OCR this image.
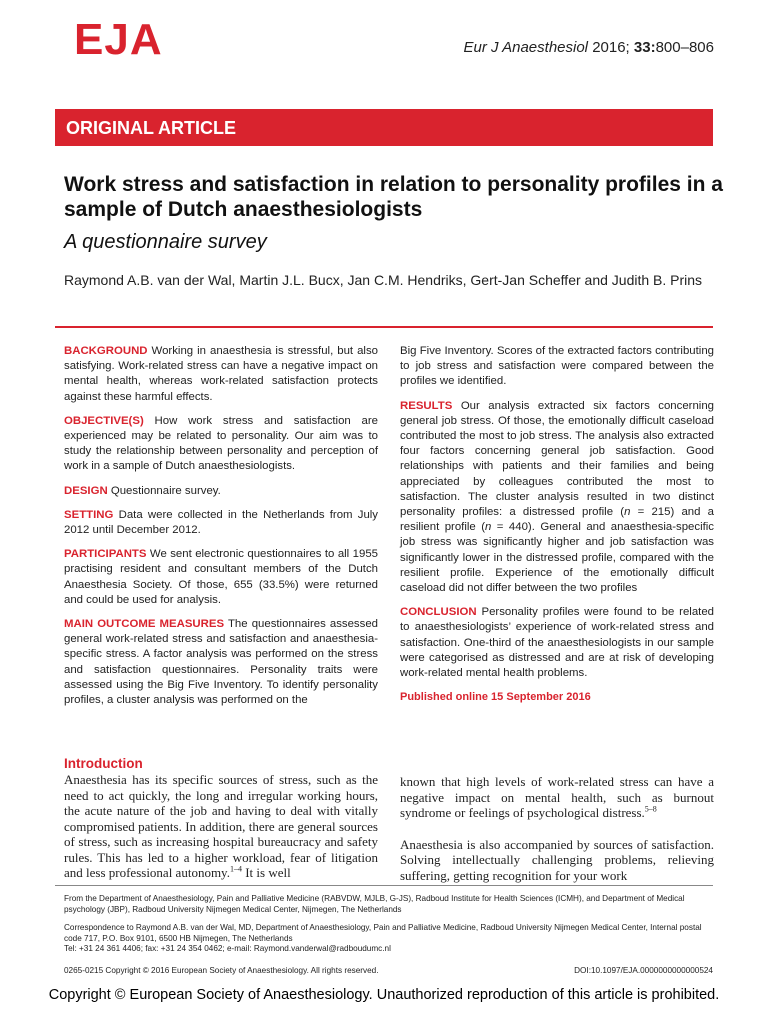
EJA	Eur J Anaesthesiol 2016; 33:800–806
ORIGINAL ARTICLE
Work stress and satisfaction in relation to personality profiles in a sample of Dutch anaesthesiologists
A questionnaire survey
Raymond A.B. van der Wal, Martin J.L. Bucx, Jan C.M. Hendriks, Gert-Jan Scheffer and Judith B. Prins

BACKGROUND Working in anaesthesia is stressful, but also satisfying. Work-related stress can have a negative impact on mental health, whereas work-related satisfaction protects against these harmful effects.

OBJECTIVE(S) How work stress and satisfaction are experienced may be related to personality. Our aim was to study the relationship between personality and perception of work in a sample of Dutch anaesthesiologists.

DESIGN Questionnaire survey.

SETTING Data were collected in the Netherlands from July 2012 until December 2012.

PARTICIPANTS We sent electronic questionnaires to all 1955 practising resident and consultant members of the Dutch Anaesthesia Society. Of those, 655 (33.5%) were returned and could be used for analysis.

MAIN OUTCOME MEASURES The questionnaires assessed general work-related stress and satisfaction and anaesthesia-specific stress. A factor analysis was performed on the stress and satisfaction questionnaires. Personality traits were assessed using the Big Five Inventory. To identify personality profiles, a cluster analysis was performed on the

Big Five Inventory. Scores of the extracted factors contributing to job stress and satisfaction were compared between the profiles we identified.

RESULTS Our analysis extracted six factors concerning general job stress. Of those, the emotionally difficult caseload contributed the most to job stress. The analysis also extracted four factors concerning general job satisfaction. Good relationships with patients and their families and being appreciated by colleagues contributed the most to satisfaction. The cluster analysis resulted in two distinct personality profiles: a distressed profile (n = 215) and a resilient profile (n = 440). General and anaesthesia-specific job stress was significantly higher and job satisfaction was significantly lower in the distressed profile, compared with the resilient profile. Experience of the emotionally difficult caseload did not differ between the two profiles

CONCLUSION Personality profiles were found to be related to anaesthesiologists’ experience of work-related stress and satisfaction. One-third of the anaesthesiologists in our sample were categorised as distressed and are at risk of developing work-related mental health problems.

Published online 15 September 2016

Introduction
Anaesthesia has its specific sources of stress, such as the need to act quickly, the long and irregular working hours, the acute nature of the job and having to deal with vitally compromised patients. In addition, there are general sources of stress, such as increasing hospital bureaucracy and safety rules. This has led to a higher workload, fear of litigation and less professional autonomy.$^{1-4}$ It is well

known that high levels of work-related stress can have a negative impact on mental health, such as burnout syndrome or feelings of psychological distress.$^{5-8}$

Anaesthesia is also accompanied by sources of satisfaction. Solving intellectually challenging problems, relieving suffering, getting recognition for your work

From the Department of Anaesthesiology, Pain and Palliative Medicine (RABVDW, MJLB, G-JS), Radboud Institute for Health Sciences (ICMH), and Department of Medical psychology (JBP), Radboud University Nijmegen Medical Center, Nijmegen, The Netherlands
Correspondence to Raymond A.B. van der Wal, MD, Department of Anaesthesiology, Pain and Palliative Medicine, Radboud University Nijmegen Medical Center, Internal postal code 717, P.O. Box 9101, 6500 HB Nijmegen, The Netherlands
Tel: +31 24 361 4406; fax: +31 24 354 0462; e-mail: Raymond.vanderwal@radboudumc.nl
0265-0215 Copyright © 2016 European Society of Anaesthesiology. All rights reserved.	DOI:10.1097/EJA.0000000000000524
Copyright © European Society of Anaesthesiology. Unauthorized reproduction of this article is prohibited.
